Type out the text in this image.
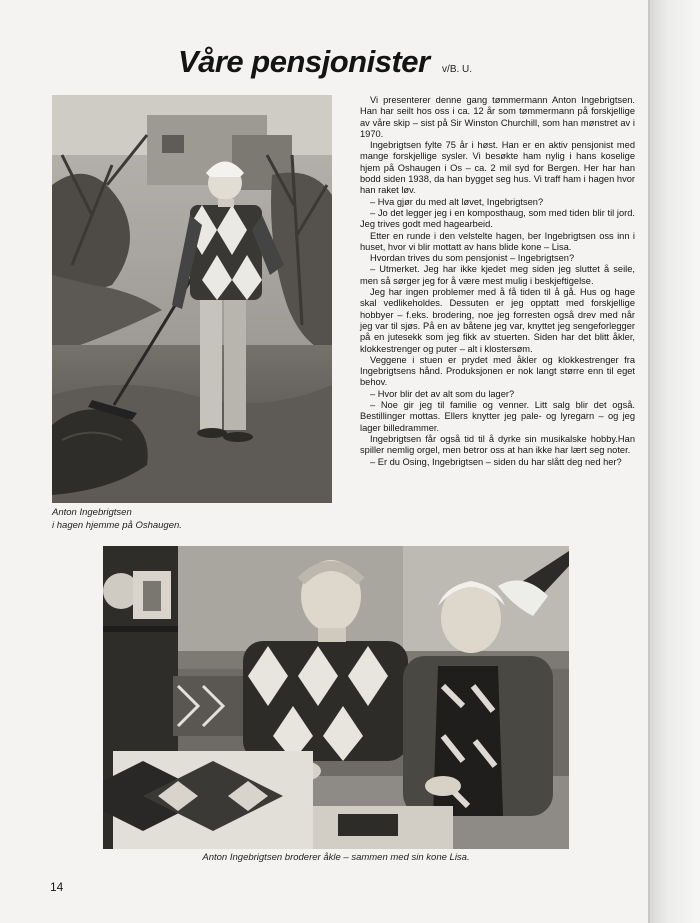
Våre pensjonister v/B. U.
Anton Ingebrigtsen
i hagen hjemme på Oshaugen.

Vi presenterer denne gang tømmermann Anton Ingebrigtsen. Han har seilt hos oss i ca. 12 år som tømmermann på forskjellige av våre skip – sist på Sir Winston Churchill, som han mønstret av i 1970.

Ingebrigtsen fylte 75 år i høst. Han er en aktiv pensjonist med mange forskjellige sysler. Vi besøkte ham nylig i hans koselige hjem på Oshaugen i Os – ca. 2 mil syd for Bergen. Her har han bodd siden 1938, da han bygget seg hus. Vi traff ham i hagen hvor han raket løv.

– Hva gjør du med alt løvet, Ingebrigtsen?

– Jo det legger jeg i en komposthaug, som med tiden blir til jord. Jeg trives godt med hagearbeid.

Etter en runde i den velstelte hagen, ber Ingebrigtsen oss inn i huset, hvor vi blir mottatt av hans blide kone – Lisa.

Hvordan trives du som pensjonist – Ingebrigtsen?

– Utmerket. Jeg har ikke kjedet meg siden jeg sluttet å seile, men så sørger jeg for å være mest mulig i beskjeftigelse.

Jeg har ingen problemer med å få tiden til å gå. Hus og hage skal vedlikeholdes. Dessuten er jeg opptatt med forskjellige hobbyer – f.eks. brodering, noe jeg forresten også drev med når jeg var til sjøs. På en av båtene jeg var, knyttet jeg sengeforlegger på en jutesekk som jeg fikk av stuerten. Siden har det blitt åkler, klokkestrenger og puter – alt i klostersøm.

Veggene i stuen er prydet med åkler og klokkestrenger fra Ingebrigtsens hånd. Produksjonen er nok langt større enn til eget behov.

– Hvor blir det av alt som du lager?

– Noe gir jeg til familie og venner. Litt salg blir det også. Bestillinger mottas. Ellers knytter jeg pale- og lyregarn – og jeg lager billedrammer.

Ingebrigtsen får også tid til å dyrke sin musikalske hobby.Han spiller nemlig orgel, men betror oss at han ikke har lært seg noter.

– Er du Osing, Ingebrigtsen – siden du har slått deg ned her?

Anton Ingebrigtsen broderer åkle – sammen med sin kone Lisa.
14
